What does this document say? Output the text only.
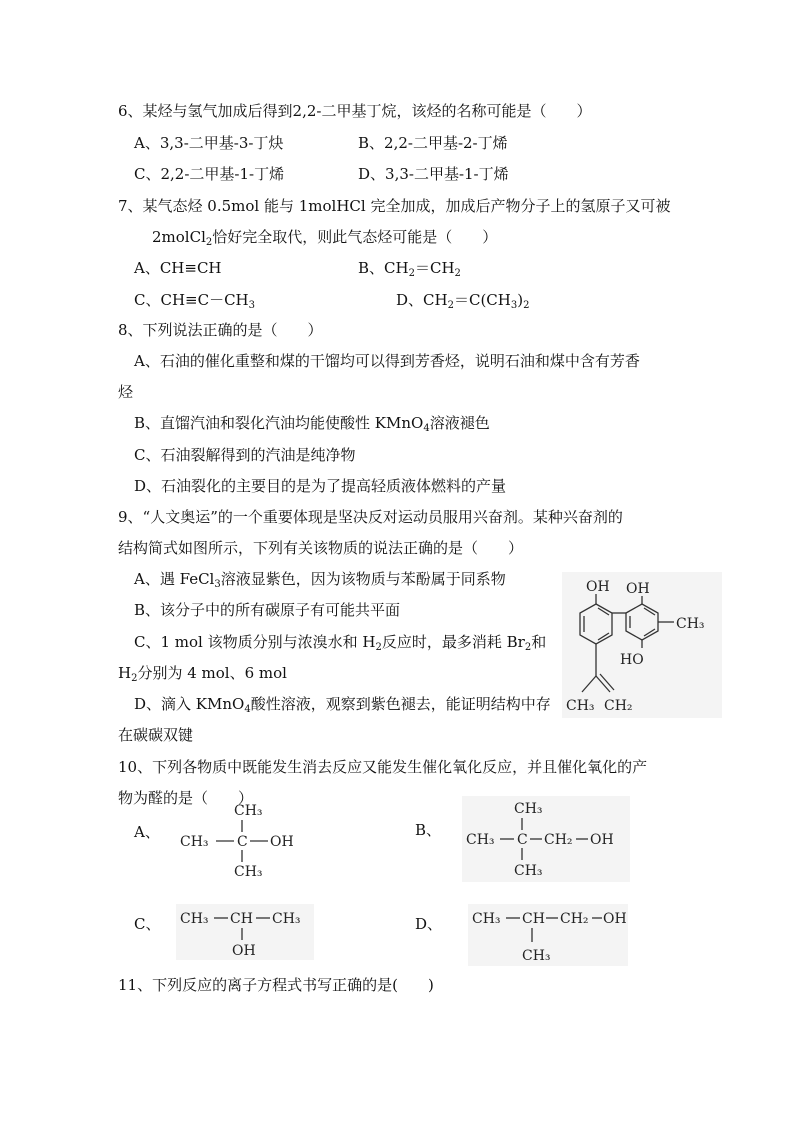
6、某烃与氢气加成后得到2,2-二甲基丁烷，该烃的名称可能是（　　）
A、3,3-二甲基-3-丁炔	B、2,2-二甲基-2-丁烯
C、2,2-二甲基-1-丁烯	D、3,3-二甲基-1-丁烯
7、某气态烃 0.5mol 能与 1molHCl 完全加成，加成后产物分子上的氢原子又可被
2molCl$_2$恰好完全取代，则此气态烃可能是（　　）
A、CH≡CH	B、$CH_2=CH_2$
C、$CH\equiv C-CH_3$	D、$CH_2=C(CH_3)_2$
8、下列说法正确的是（　　）
A、石油的催化重整和煤的干馏均可以得到芳香烃，说明石油和煤中含有芳香
烃
B、直馏汽油和裂化汽油均能使酸性 KMnO$_4$溶液褪色
C、石油裂解得到的汽油是纯净物
D、石油裂化的主要目的是为了提高轻质液体燃料的产量
9、“人文奥运”的一个重要体现是坚决反对运动员服用兴奋剂。某种兴奋剂的
结构简式如图所示，下列有关该物质的说法正确的是（　　）
A、遇 FeCl$_3$溶液显紫色，因为该物质与苯酚属于同系物
B、该分子中的所有碳原子有可能共平面
C、1 mol 该物质分别与浓溴水和 $H_2$反应时，最多消耗 $Br_2$和
$H_2$分别为 4 mol、6 mol
D、滴入 KMnO$_4$酸性溶液，观察到紫色褪去，能证明结构中存
在碳碳双键
OH OH
CH₃
HO
CH₃ CH₂
10、下列各物质中既能发生消去反应又能发生催化氧化反应，并且催化氧化的产
物为醛的是（　　）
A、
CH₃
CH₃ C OH
CH₃
B、
CH₃
CH₃ C CH₂ OH
CH₃
C、 CH₃ CH CH₃
OH
D、 CH₃ CH CH₂ OH
CH₃
11、下列反应的离子方程式书写正确的是(　　)
